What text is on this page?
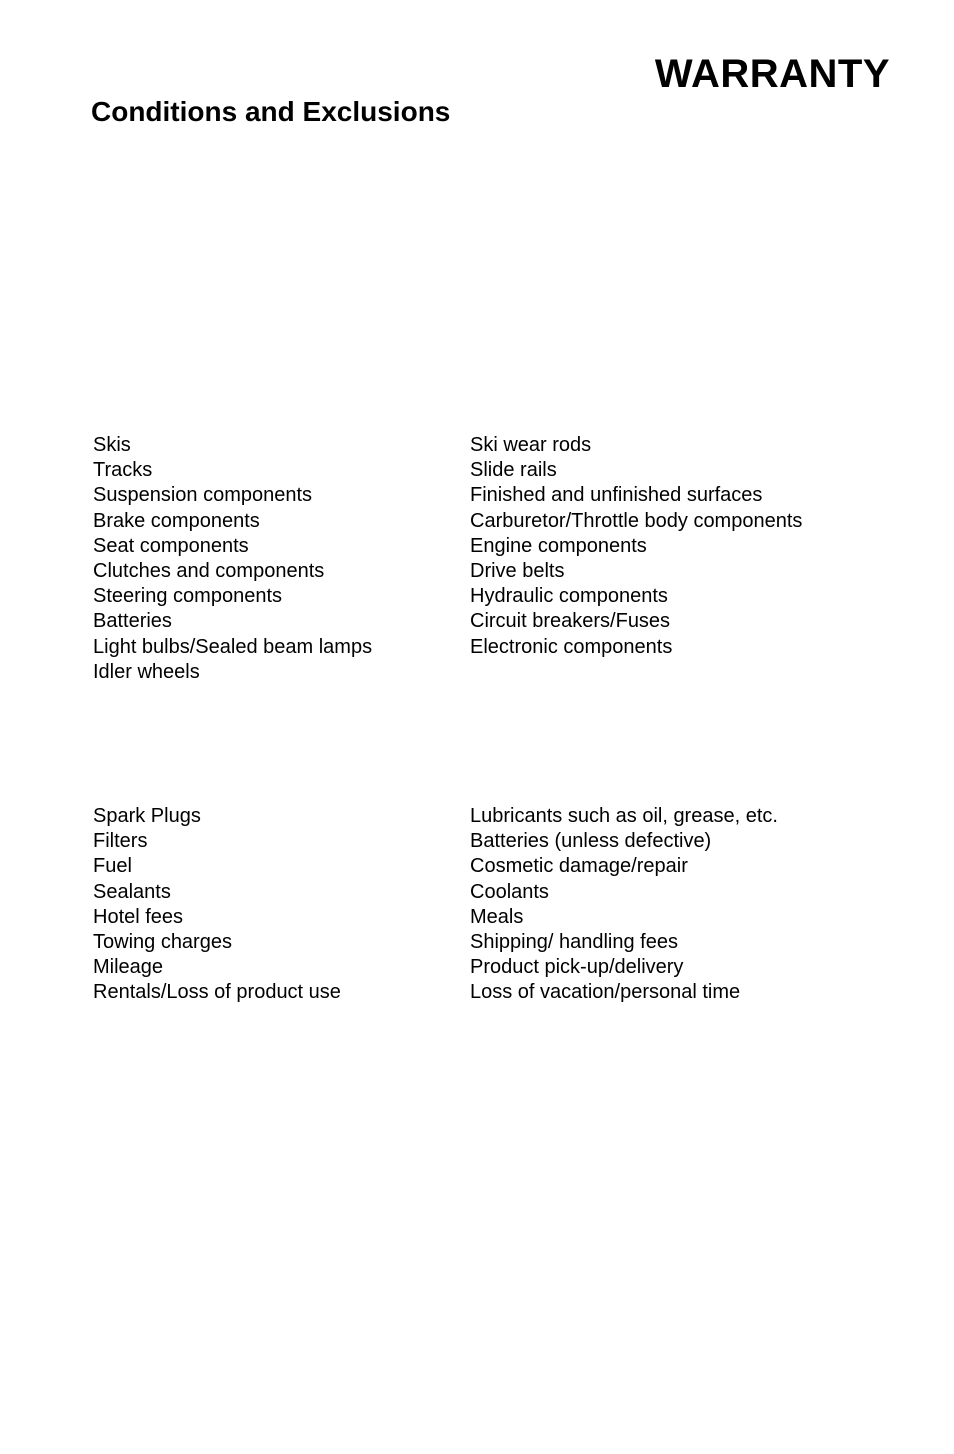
WARRANTY
Conditions and Exclusions
Skis
Tracks
Suspension components
Brake components
Seat components
Clutches and components
Steering components
Batteries
Light bulbs/Sealed beam lamps
Idler wheels
Ski wear rods
Slide rails
Finished and unfinished surfaces
Carburetor/Throttle body components
Engine components
Drive belts
Hydraulic components
Circuit breakers/Fuses
Electronic components
Spark Plugs
Filters
Fuel
Sealants
Hotel fees
Towing charges
Mileage
Rentals/Loss of product use
Lubricants such as oil, grease, etc.
Batteries (unless defective)
Cosmetic damage/repair
Coolants
Meals
Shipping/ handling fees
Product pick-up/delivery
Loss of vacation/personal time
